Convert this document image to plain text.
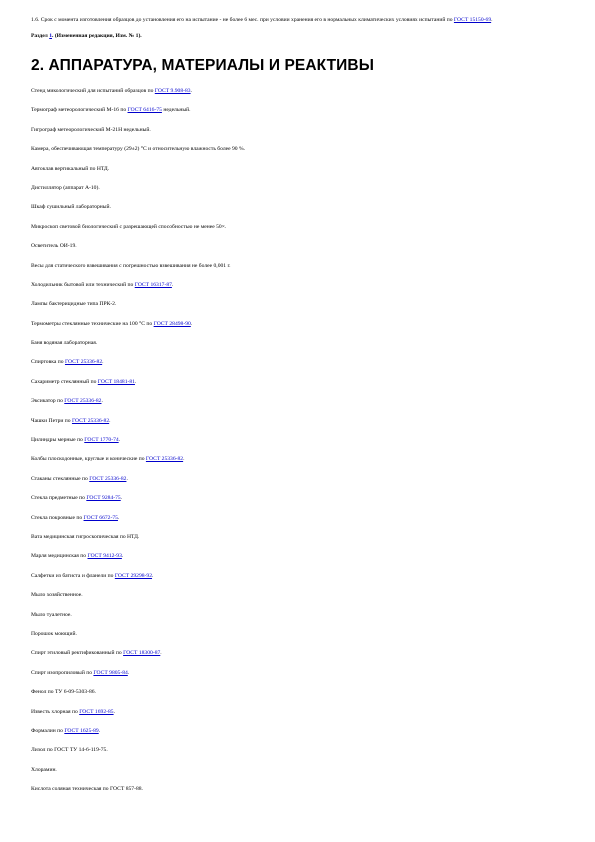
1.6. Срок с момента изготовления образцов до установления его на испытание - не более 6 мес. при условии хранения его в нормальных климатических условиях испытаний по ГОСТ 15150-69.

Раздел 1. (Измененная редакция, Изм. № 1).

2. АППАРАТУРА, МАТЕРИАЛЫ И РЕАКТИВЫ

Стенд микологический для испытаний образцов по ГОСТ 9.908-83.

Термограф метеорологический М-16 по ГОСТ 6416-75 недельный.

Гигрограф метеорологический М-21Н недельный.

Камера, обеспечивающая температуру (29±2) °С и относительную влажность более 90 %.

Автоклав вертикальный по НТД.

Дистиллятор (аппарат А-10).

Шкаф сушильный лабораторный.

Микроскоп световой биологический с разрешающей способностью не менее 50×.

Осветитель ОИ-19.

Весы для статического взвешивания с погрешностью взвешивания не более 0,001 г.

Холодильник бытовой или технический по ГОСТ 16317-87.

Лампы бактерицидные типа ПРК-2.

Термометры стеклянные технические на 100 °С по ГОСТ 28498-90.

Баня водяная лабораторная.

Спиртовка по ГОСТ 25336-82.

Сахариметр стеклянный по ГОСТ 18481-81.

Эксикатор по ГОСТ 25336-82.

Чашки Петри по ГОСТ 25336-82.

Цилиндры мерные по ГОСТ 1770-74.

Колбы плоскодонные, круглые и конические по ГОСТ 25336-82.

Стаканы стеклянные по ГОСТ 25336-82.

Стекла предметные по ГОСТ 9284-75.

Стекла покровные по ГОСТ 6672-75.

Вата медицинская гигроскопическая по НТД.

Марля медицинская по ГОСТ 9412-93.

Салфетки из батиста и фланели по ГОСТ 29298-92.

Мыло хозяйственное.

Мыло туалетное.

Порошок моющий.

Спирт этиловый ректификованный по ГОСТ 18300-87.

Спирт изопропиловый по ГОСТ 9805-84.

Фенол по ТУ 6-09-5303-86.

Известь хлорная по ГОСТ 1692-85.

Формалин по ГОСТ 1625-89.

Лизол по ГОСТ ТУ 14-6-119-75.

Хлорамин.

Кислота соляная техническая по ГОСТ 857-88.
